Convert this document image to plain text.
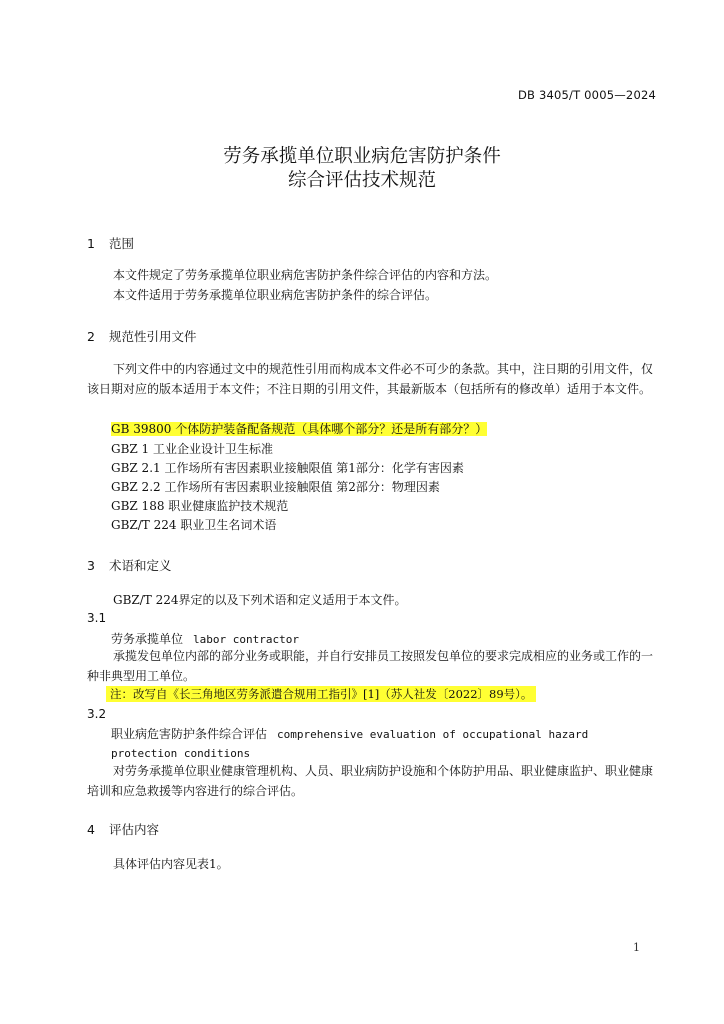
DB 3405/T 0005—2024
劳务承揽单位职业病危害防护条件
综合评估技术规范
1 范围
本文件规定了劳务承揽单位职业病危害防护条件综合评估的内容和方法。
本文件适用于劳务承揽单位职业病危害防护条件的综合评估。
2 规范性引用文件
下列文件中的内容通过文中的规范性引用而构成本文件必不可少的条款。其中，注日期的引用文件，仅该日期对应的版本适用于本文件；不注日期的引用文件，其最新版本（包括所有的修改单）适用于本文件。
GB 39800 个体防护装备配备规范（具体哪个部分？还是所有部分？）
GBZ 1 工业企业设计卫生标准
GBZ 2.1 工作场所有害因素职业接触限值 第1部分：化学有害因素
GBZ 2.2 工作场所有害因素职业接触限值 第2部分：物理因素
GBZ 188 职业健康监护技术规范
GBZ/T 224 职业卫生名词术语
3 术语和定义
GBZ/T 224界定的以及下列术语和定义适用于本文件。
3.1
劳务承揽单位 labor contractor
承揽发包单位内部的部分业务或职能，并自行安排员工按照发包单位的要求完成相应的业务或工作的一种非典型用工单位。
注：改写自《长三角地区劳务派遣合规用工指引》[1]（苏人社发〔2022〕89号）。
3.2
职业病危害防护条件综合评估 comprehensive evaluation of occupational hazard protection conditions
对劳务承揽单位职业健康管理机构、人员、职业病防护设施和个体防护用品、职业健康监护、职业健康培训和应急救援等内容进行的综合评估。
4 评估内容
具体评估内容见表1。
1
